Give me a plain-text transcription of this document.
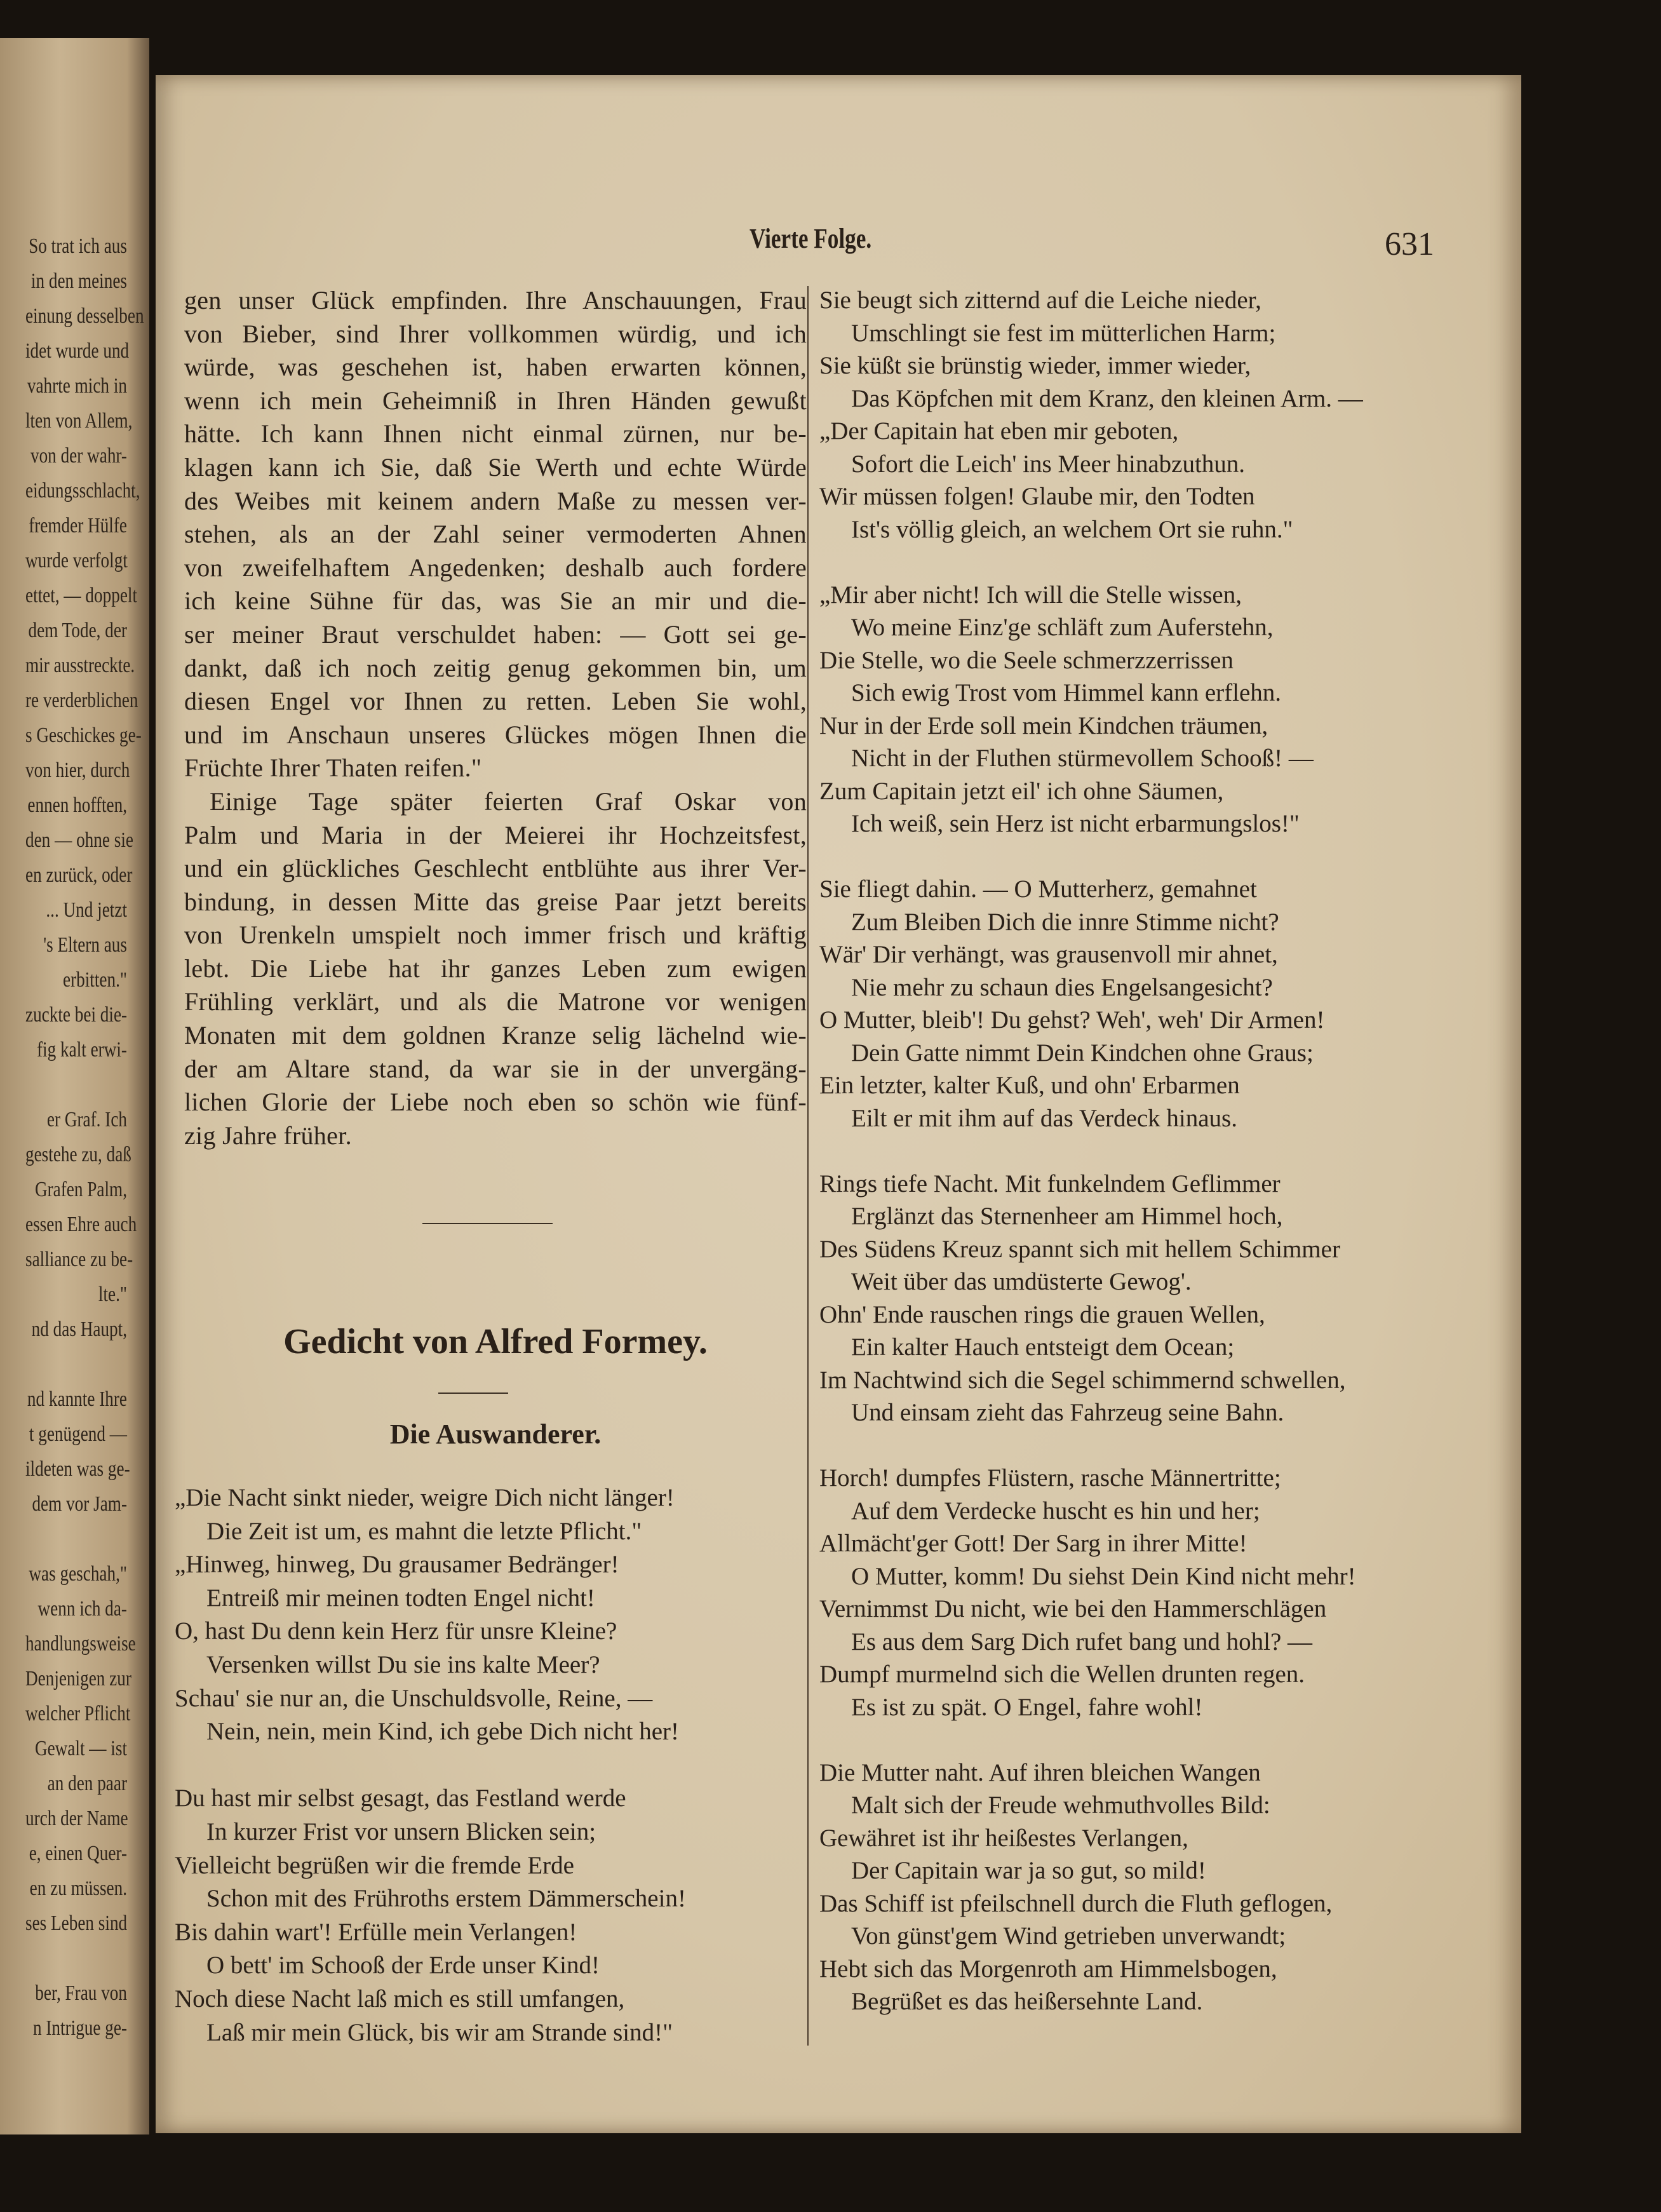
So trat ich aus
in den meines
einung desselben
idet wurde und
vahrte mich in
lten von Allem,
von der wahr-
eidungsschlacht,
fremder Hülfe
wurde verfolgt
ettet, — doppelt
dem Tode, der
mir ausstreckte.
re verderblichen
s Geschickes ge-
von hier, durch
ennen hofften,
den — ohne sie
en zurück, oder
... Und jetzt
's Eltern aus
erbitten."
zuckte bei die-
fig kalt erwi-
er Graf. Ich
gestehe zu, daß
Grafen Palm,
essen Ehre auch
salliance zu be-
lte."
nd das Haupt,
nd kannte Ihre
t genügend —
ildeten was ge-
dem vor Jam-
was geschah,"
wenn ich da-
handlungsweise
Denjenigen zur
welcher Pflicht
Gewalt — ist
an den paar
urch der Name
e, einen Quer-
en zu müssen.
ses Leben sind
ber, Frau von
n Intrigue ge-
Vierte Folge.	631
gen unser Glück empfinden. Ihre Anschauungen, Frau
von Bieber, sind Ihrer vollkommen würdig, und ich
würde, was geschehen ist, haben erwarten können,
wenn ich mein Geheimniß in Ihren Händen gewußt
hätte. Ich kann Ihnen nicht einmal zürnen, nur be-
klagen kann ich Sie, daß Sie Werth und echte Würde
des Weibes mit keinem andern Maße zu messen ver-
stehen, als an der Zahl seiner vermoderten Ahnen
von zweifelhaftem Angedenken; deshalb auch fordere
ich keine Sühne für das, was Sie an mir und die-
ser meiner Braut verschuldet haben: — Gott sei ge-
dankt, daß ich noch zeitig genug gekommen bin, um
diesen Engel vor Ihnen zu retten. Leben Sie wohl,
und im Anschaun unseres Glückes mögen Ihnen die
Früchte Ihrer Thaten reifen."
Einige Tage später feierten Graf Oskar von
Palm und Maria in der Meierei ihr Hochzeitsfest,
und ein glückliches Geschlecht entblühte aus ihrer Ver-
bindung, in dessen Mitte das greise Paar jetzt bereits
von Urenkeln umspielt noch immer frisch und kräftig
lebt. Die Liebe hat ihr ganzes Leben zum ewigen
Frühling verklärt, und als die Matrone vor wenigen
Monaten mit dem goldnen Kranze selig lächelnd wie-
der am Altare stand, da war sie in der unvergäng-
lichen Glorie der Liebe noch eben so schön wie fünf-
zig Jahre früher.
Gedicht von Alfred Formey.
Die Auswanderer.
„Die Nacht sinkt nieder, weigre Dich nicht länger!
Die Zeit ist um, es mahnt die letzte Pflicht."
„Hinweg, hinweg, Du grausamer Bedränger!
Entreiß mir meinen todten Engel nicht!
O, hast Du denn kein Herz für unsre Kleine?
Versenken willst Du sie ins kalte Meer?
Schau' sie nur an, die Unschuldsvolle, Reine, —
Nein, nein, mein Kind, ich gebe Dich nicht her!
Du hast mir selbst gesagt, das Festland werde
In kurzer Frist vor unsern Blicken sein;
Vielleicht begrüßen wir die fremde Erde
Schon mit des Frühroths erstem Dämmerschein!
Bis dahin wart'! Erfülle mein Verlangen!
O bett' im Schooß der Erde unser Kind!
Noch diese Nacht laß mich es still umfangen,
Laß mir mein Glück, bis wir am Strande sind!"
Sie beugt sich zitternd auf die Leiche nieder,
Umschlingt sie fest im mütterlichen Harm;
Sie küßt sie brünstig wieder, immer wieder,
Das Köpfchen mit dem Kranz, den kleinen Arm. —
„Der Capitain hat eben mir geboten,
Sofort die Leich' ins Meer hinabzuthun.
Wir müssen folgen! Glaube mir, den Todten
Ist's völlig gleich, an welchem Ort sie ruhn."
„Mir aber nicht! Ich will die Stelle wissen,
Wo meine Einz'ge schläft zum Auferstehn,
Die Stelle, wo die Seele schmerzzerrissen
Sich ewig Trost vom Himmel kann erflehn.
Nur in der Erde soll mein Kindchen träumen,
Nicht in der Fluthen stürmevollem Schooß! —
Zum Capitain jetzt eil' ich ohne Säumen,
Ich weiß, sein Herz ist nicht erbarmungslos!"
Sie fliegt dahin. — O Mutterherz, gemahnet
Zum Bleiben Dich die innre Stimme nicht?
Wär' Dir verhängt, was grausenvoll mir ahnet,
Nie mehr zu schaun dies Engelsangesicht?
O Mutter, bleib'! Du gehst? Weh', weh' Dir Armen!
Dein Gatte nimmt Dein Kindchen ohne Graus;
Ein letzter, kalter Kuß, und ohn' Erbarmen
Eilt er mit ihm auf das Verdeck hinaus.
Rings tiefe Nacht. Mit funkelndem Geflimmer
Erglänzt das Sternenheer am Himmel hoch,
Des Südens Kreuz spannt sich mit hellem Schimmer
Weit über das umdüsterte Gewog'.
Ohn' Ende rauschen rings die grauen Wellen,
Ein kalter Hauch entsteigt dem Ocean;
Im Nachtwind sich die Segel schimmernd schwellen,
Und einsam zieht das Fahrzeug seine Bahn.
Horch! dumpfes Flüstern, rasche Männertritte;
Auf dem Verdecke huscht es hin und her;
Allmächt'ger Gott! Der Sarg in ihrer Mitte!
O Mutter, komm! Du siehst Dein Kind nicht mehr!
Vernimmst Du nicht, wie bei den Hammerschlägen
Es aus dem Sarg Dich rufet bang und hohl? —
Dumpf murmelnd sich die Wellen drunten regen.
Es ist zu spät. O Engel, fahre wohl!
Die Mutter naht. Auf ihren bleichen Wangen
Malt sich der Freude wehmuthvolles Bild:
Gewähret ist ihr heißestes Verlangen,
Der Capitain war ja so gut, so mild!
Das Schiff ist pfeilschnell durch die Fluth geflogen,
Von günst'gem Wind getrieben unverwandt;
Hebt sich das Morgenroth am Himmelsbogen,
Begrüßet es das heißersehnte Land.
